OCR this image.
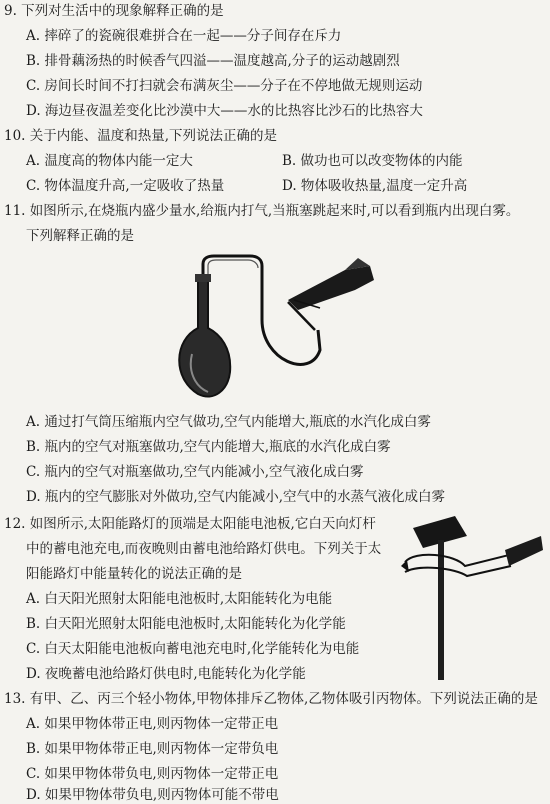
9. 下列对生活中的现象解释正确的是
A. 摔碎了的瓷碗很难拼合在一起——分子间存在斥力
B. 排骨藕汤热的时候香气四溢——温度越高,分子的运动越剧烈
C. 房间长时间不打扫就会布满灰尘——分子在不停地做无规则运动
D. 海边昼夜温差变化比沙漠中大——水的比热容比沙石的比热容大
10. 关于内能、温度和热量,下列说法正确的是
A. 温度高的物体内能一定大	B. 做功也可以改变物体的内能
C. 物体温度升高,一定吸收了热量	D. 物体吸收热量,温度一定升高
11. 如图所示,在烧瓶内盛少量水,给瓶内打气,当瓶塞跳起来时,可以看到瓶内出现白雾。
下列解释正确的是
A. 通过打气筒压缩瓶内空气做功,空气内能增大,瓶底的水汽化成白雾
B. 瓶内的空气对瓶塞做功,空气内能增大,瓶底的水汽化成白雾
C. 瓶内的空气对瓶塞做功,空气内能减小,空气液化成白雾
D. 瓶内的空气膨胀对外做功,空气内能减小,空气中的水蒸气液化成白雾
12. 如图所示,太阳能路灯的顶端是太阳能电池板,它白天向灯杆
中的蓄电池充电,而夜晚则由蓄电池给路灯供电。下列关于太
阳能路灯中能量转化的说法正确的是
A. 白天阳光照射太阳能电池板时,太阳能转化为电能
B. 白天阳光照射太阳能电池板时,太阳能转化为化学能
C. 白天太阳能电池板向蓄电池充电时,化学能转化为电能
D. 夜晚蓄电池给路灯供电时,电能转化为化学能
13. 有甲、乙、丙三个轻小物体,甲物体排斥乙物体,乙物体吸引丙物体。下列说法正确的是
A. 如果甲物体带正电,则丙物体一定带正电
B. 如果甲物体带正电,则丙物体一定带负电
C. 如果甲物体带负电,则丙物体一定带正电
D. 如果甲物体带负电,则丙物体可能不带电
